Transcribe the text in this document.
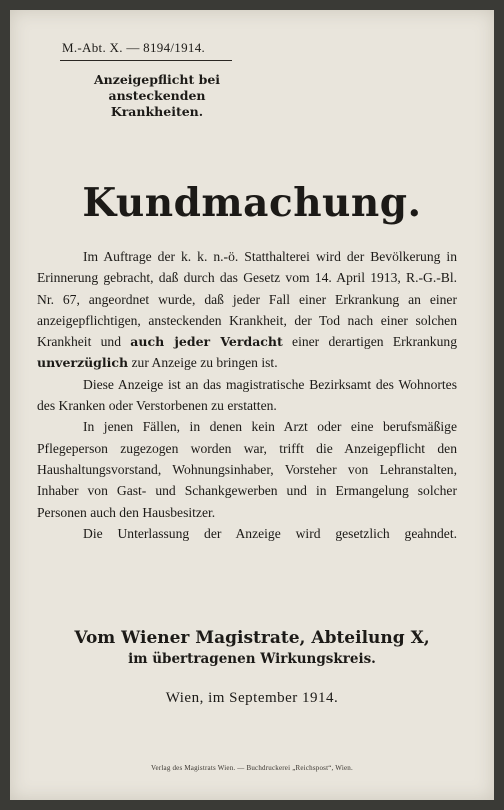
M.-Abt. X. — 8194/1914.
Anzeigepflicht bei
ansteckenden Krankheiten.
Kundmachung.

Im Auftrage der k. k. n.-ö. Statthalterei wird der Bevölkerung in Erinnerung gebracht, daß durch das Gesetz vom 14. April 1913, R.-G.-Bl. Nr. 67, angeordnet wurde, daß jeder Fall einer Erkrankung an einer anzeigepflichtigen, ansteckenden Krankheit, der Tod nach einer solchen Krankheit und auch jeder Verdacht einer derartigen Erkrankung unverzüglich zur Anzeige zu bringen ist.

Diese Anzeige ist an das magistratische Bezirksamt des Wohnortes des Kranken oder Verstorbenen zu erstatten.

In jenen Fällen, in denen kein Arzt oder eine berufsmäßige Pflegeperson zugezogen worden war, trifft die Anzeigepflicht den Haushaltungsvorstand, Wohnungsinhaber, Vorsteher von Lehranstalten, Inhaber von Gast- und Schankgewerben und in Ermangelung solcher Personen auch den Hausbesitzer.

Die Unterlassung der Anzeige wird gesetzlich geahndet.

Vom Wiener Magistrate, Abteilung X,
im übertragenen Wirkungskreis.
Wien, im September 1914.
Verlag des Magistrats Wien. — Buchdruckerei „Reichspost“, Wien.
